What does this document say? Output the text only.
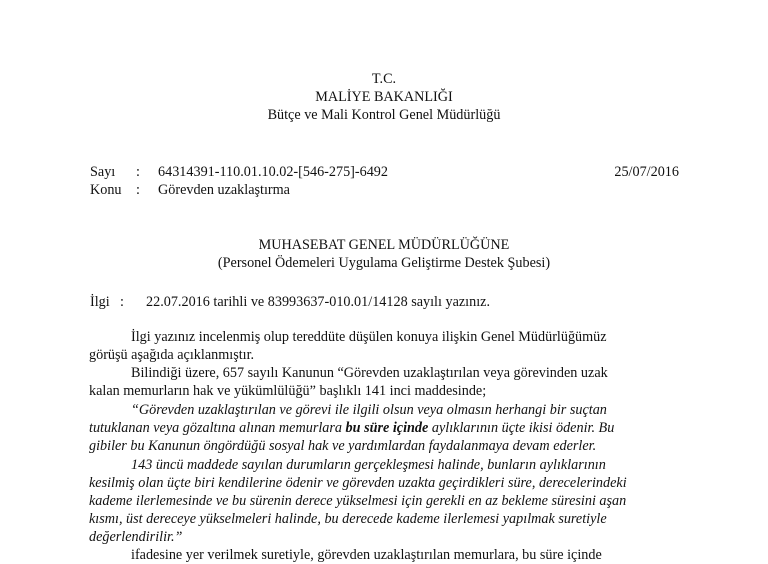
T.C.
MALİYE BAKANLIĞI
Bütçe ve Mali Kontrol Genel Müdürlüğü
Sayı : 64314391-110.01.10.02-[546-275]-6492	25/07/2016
Konu : Görevden uzaklaştırma
MUHASEBAT GENEL MÜDÜRLÜĞÜNE
(Personel Ödemeleri Uygulama Geliştirme Destek Şubesi)
İlgi : 22.07.2016 tarihli ve 83993637-010.01/14128 sayılı yazınız.
İlgi yazınız incelenmiş olup tereddüte düşülen konuya ilişkin Genel Müdürlüğümüz
görüşü aşağıda açıklanmıştır.
Bilindiği üzere, 657 sayılı Kanunun “Görevden uzaklaştırılan veya görevinden uzak
kalan memurların hak ve yükümlülüğü” başlıklı 141 inci maddesinde;
“Görevden uzaklaştırılan ve görevi ile ilgili olsun veya olmasın herhangi bir suçtan
tutuklanan veya gözaltına alınan memurlara bu süre içinde aylıklarının üçte ikisi ödenir. Bu
gibiler bu Kanunun öngördüğü sosyal hak ve yardımlardan faydalanmaya devam ederler.
143 üncü maddede sayılan durumların gerçekleşmesi halinde, bunların aylıklarının
kesilmiş olan üçte biri kendilerine ödenir ve görevden uzakta geçirdikleri süre, derecelerindeki
kademe ilerlemesinde ve bu sürenin derece yükselmesi için gerekli en az bekleme süresini aşan
kısmı, üst dereceye yükselmeleri halinde, bu derecede kademe ilerlemesi yapılmak suretiyle
değerlendirilir.”
ifadesine yer verilmek suretiyle, görevden uzaklaştırılan memurlara, bu süre içinde
